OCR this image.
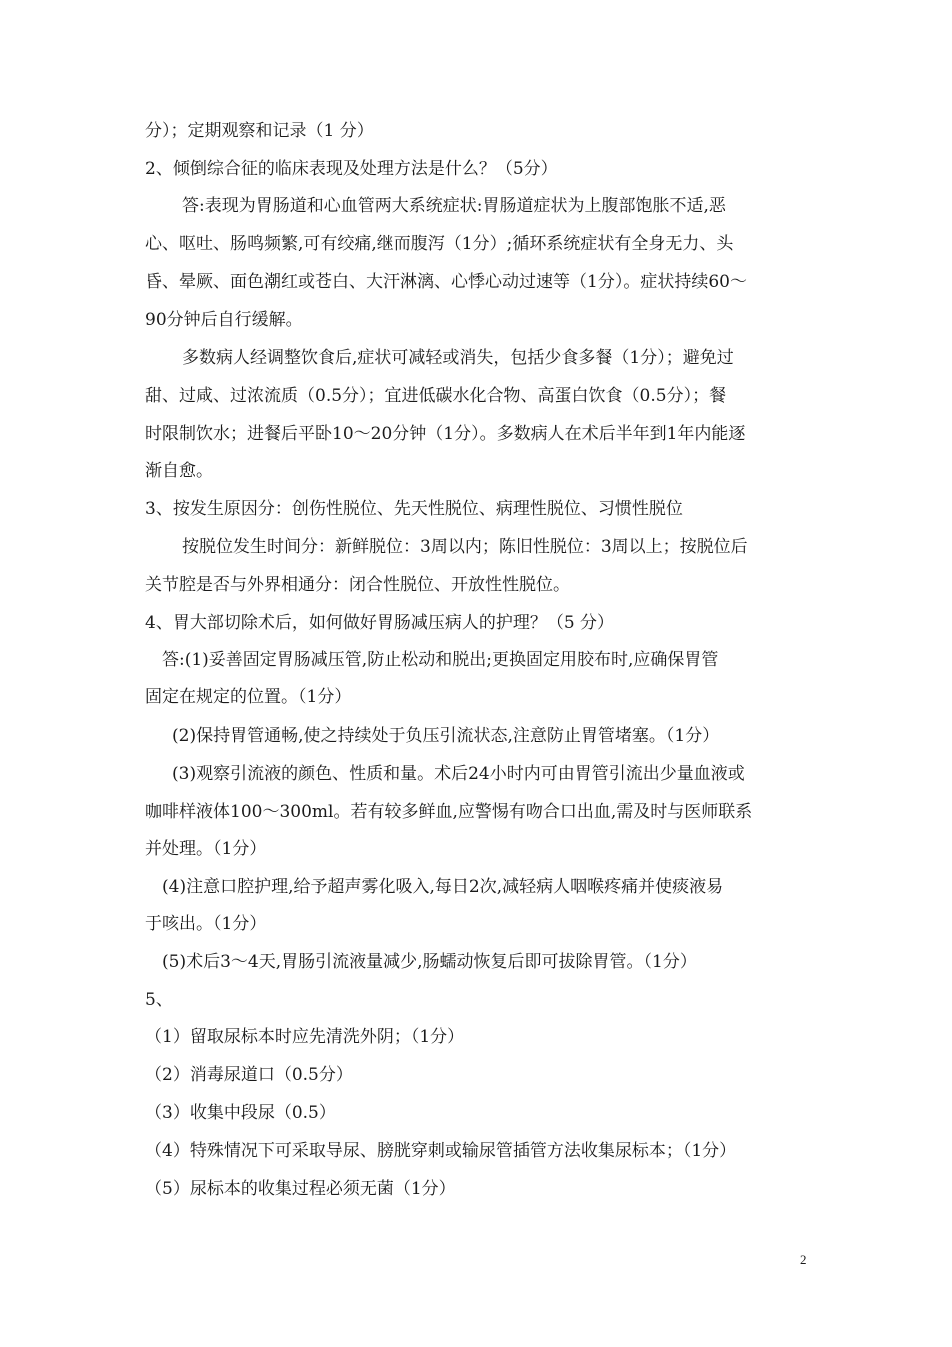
分）；定期观察和记录（1 分）
2、倾倒综合征的临床表现及处理方法是什么？（5分）
答:表现为胃肠道和心血管两大系统症状:胃肠道症状为上腹部饱胀不适,恶
心、呕吐、肠鸣频繁,可有绞痛,继而腹泻（1分）;循环系统症状有全身无力、头
昏、晕厥、面色潮红或苍白、大汗淋漓、心悸心动过速等（1分）。症状持续60～
90分钟后自行缓解。
多数病人经调整饮食后,症状可减轻或消失，包括少食多餐（1分）；避免过
甜、过咸、过浓流质（0.5分）；宜进低碳水化合物、高蛋白饮食（0.5分）；餐
时限制饮水；进餐后平卧10～20分钟（1分）。多数病人在术后半年到1年内能逐
渐自愈。
3、按发生原因分：创伤性脱位、先天性脱位、病理性脱位、习惯性脱位
按脱位发生时间分：新鲜脱位：3周以内；陈旧性脱位：3周以上；按脱位后
关节腔是否与外界相通分：闭合性脱位、开放性性脱位。
4、胃大部切除术后，如何做好胃肠减压病人的护理？（5 分）
答:(1)妥善固定胃肠减压管,防止松动和脱出;更换固定用胶布时,应确保胃管
固定在规定的位置。（1分）
(2)保持胃管通畅,使之持续处于负压引流状态,注意防止胃管堵塞。（1分）
(3)观察引流液的颜色、性质和量。术后24小时内可由胃管引流出少量血液或
咖啡样液体100～300ml。若有较多鲜血,应警惕有吻合口出血,需及时与医师联系
并处理。（1分）
(4)注意口腔护理,给予超声雾化吸入,每日2次,减轻病人咽喉疼痛并使痰液易
于咳出。（1分）
(5)术后3～4天,胃肠引流液量减少,肠蠕动恢复后即可拔除胃管。（1分）
5、
（1）留取尿标本时应先清洗外阴；（1分）
（2）消毒尿道口（0.5分）
（3）收集中段尿（0.5）
（4）特殊情况下可采取导尿、膀胱穿刺或输尿管插管方法收集尿标本；（1分）
（5）尿标本的收集过程必须无菌（1分）
2
